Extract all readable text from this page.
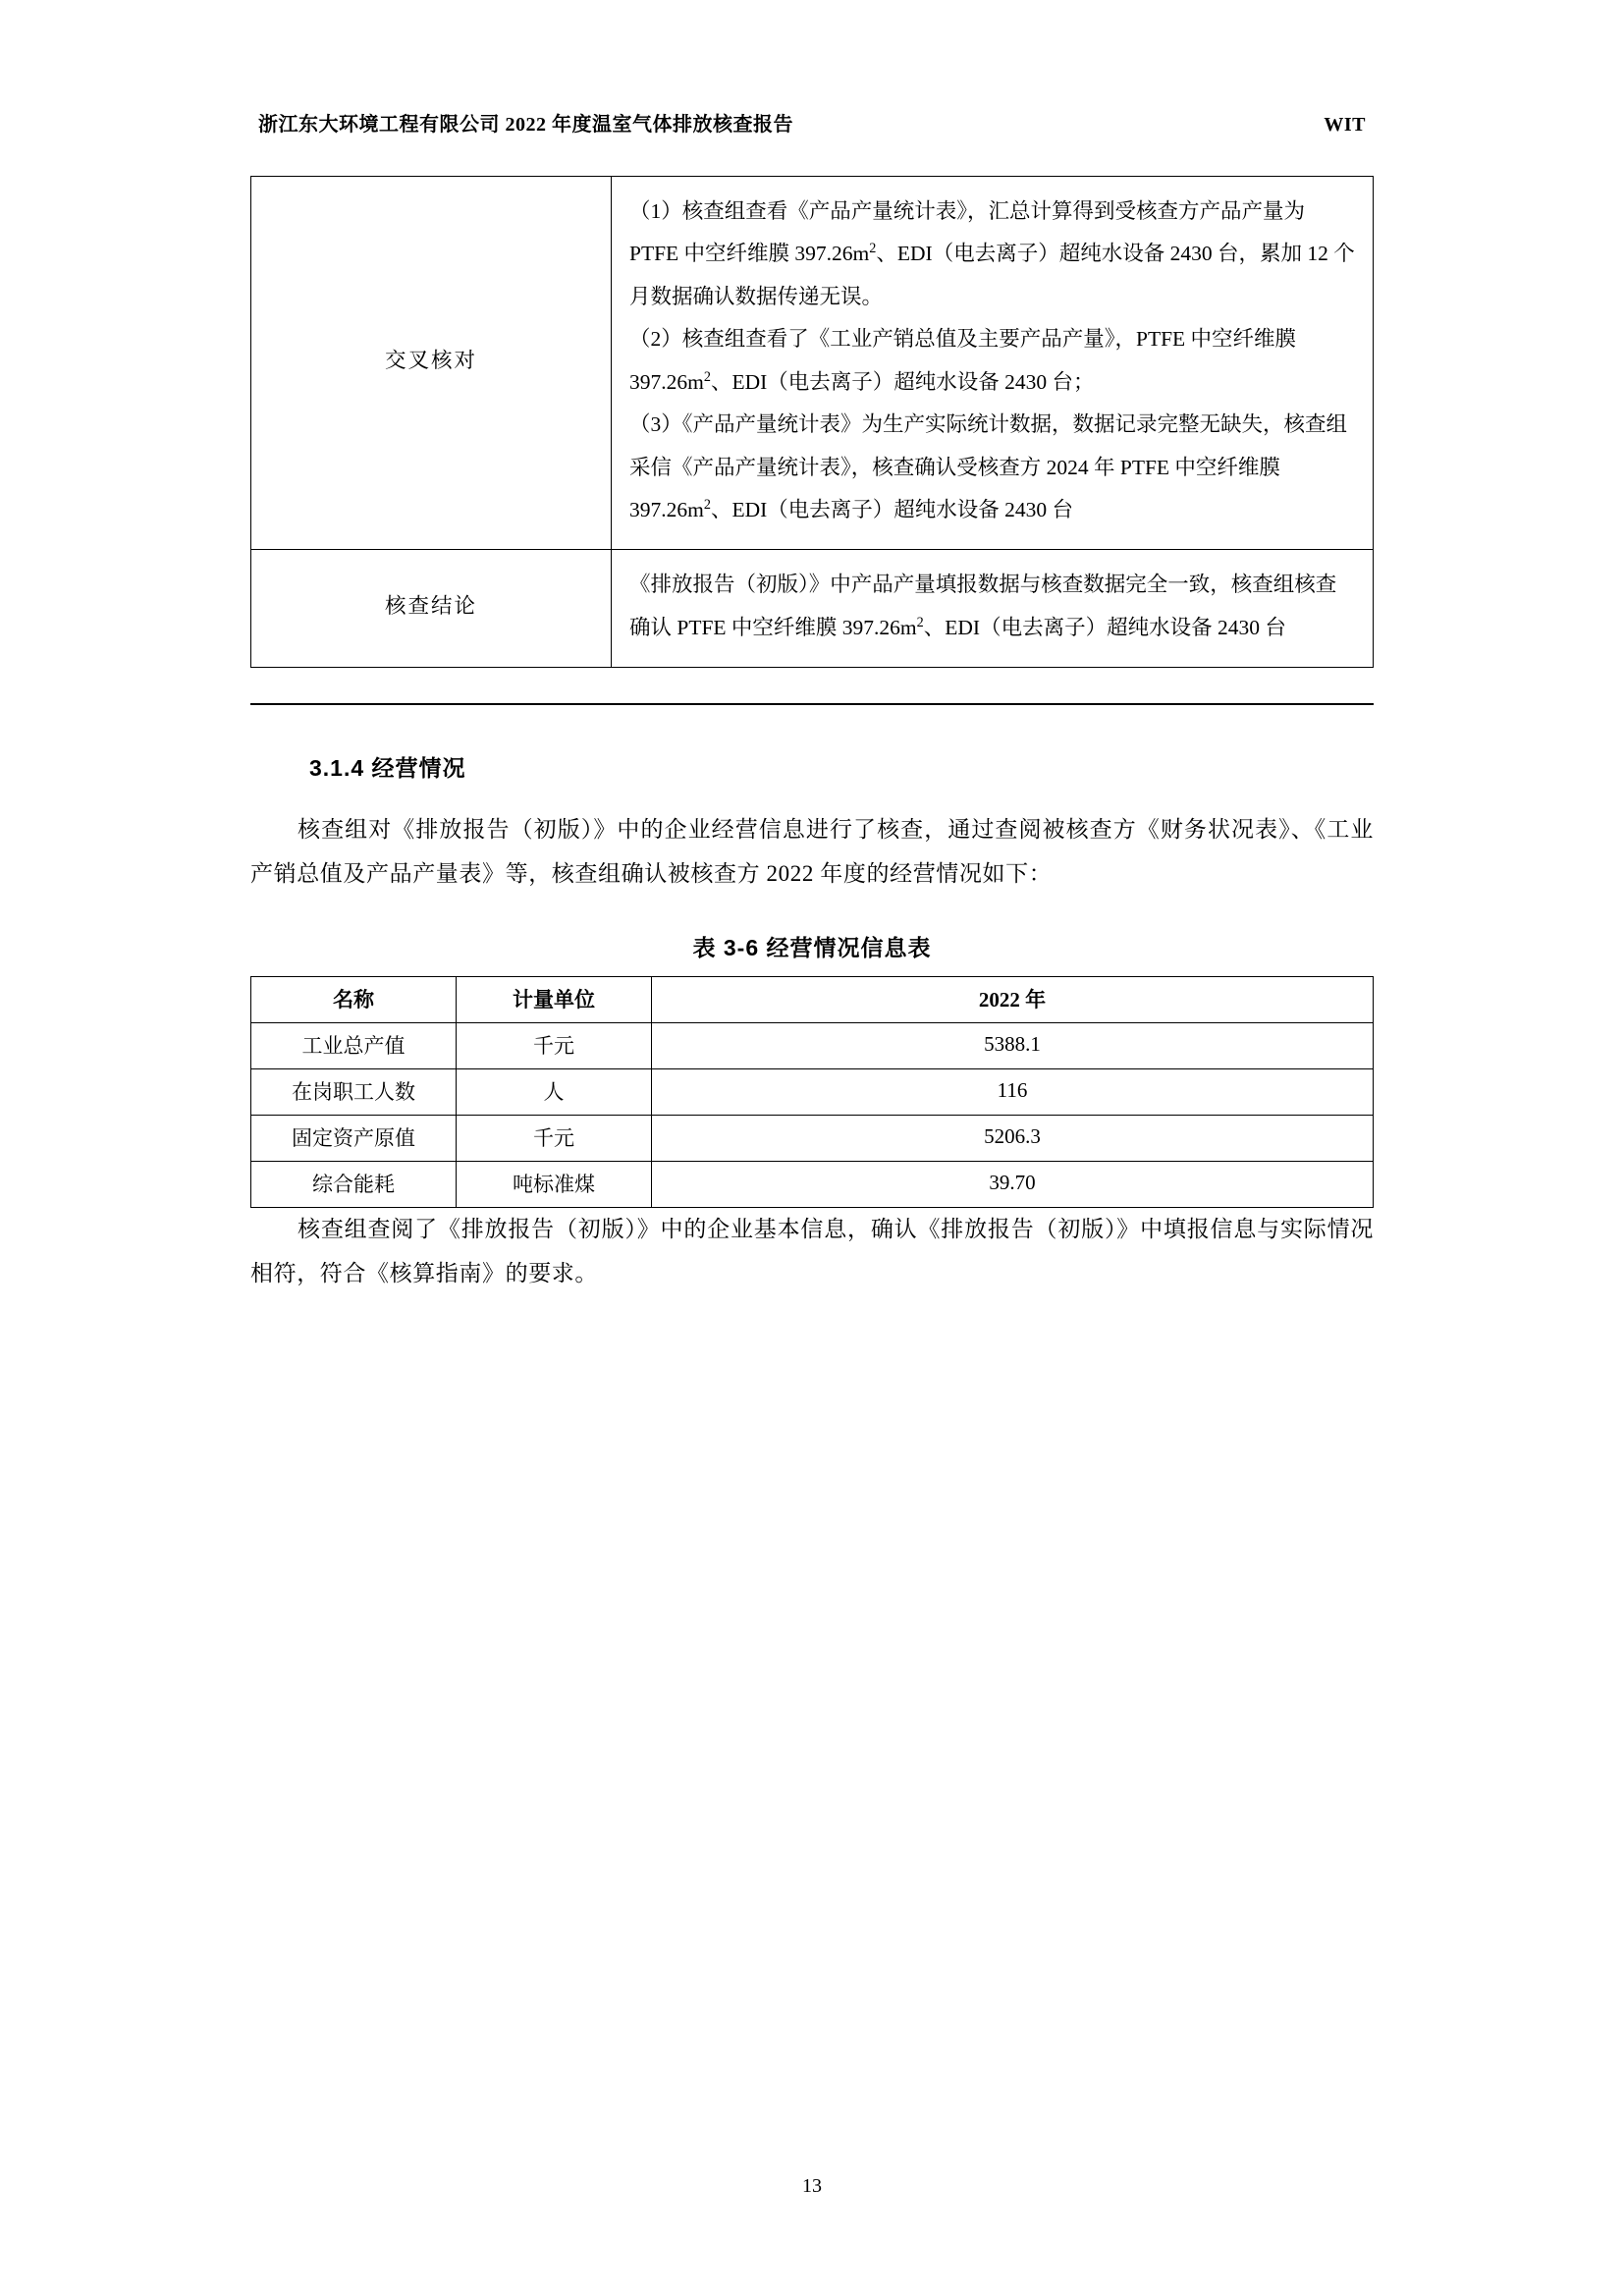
浙江东大环境工程有限公司 2022 年度温室气体排放核查报告	WIT
交叉核对	（1）核查组查看《产品产量统计表》，汇总计算得到受核查方产品产量为 PTFE 中空纤维膜 $397.26m^2$、EDI（电去离子）超纯水设备 2430 台，累加 12 个月数据确认数据传递无误。

（2）核查组查看了《工业产销总值及主要产品产量》，PTFE 中空纤维膜 $397.26m^2$、EDI（电去离子）超纯水设备 2430 台；

（3）《产品产量统计表》为生产实际统计数据，数据记录完整无缺失，核查组采信《产品产量统计表》，核查确认受核查方 2024 年 PTFE 中空纤维膜 $397.26m^2$、EDI（电去离子）超纯水设备 2430 台

核查结论	《排放报告（初版）》中产品产量填报数据与核查数据完全一致，核查组核查确认 PTFE 中空纤维膜 $397.26m^2$、EDI（电去离子）超纯水设备 2430 台

3.1.4 经营情况

核查组对《排放报告（初版）》中的企业经营信息进行了核查，通过查阅被核查方《财务状况表》、《工业产销总值及产品产量表》等，核查组确认被核查方 2022 年度的经营情况如下：

表 3-6 经营情况信息表
名称	计量单位	2022 年
工业总产值	千元	5388.1
在岗职工人数	人	116
固定资产原值	千元	5206.3
综合能耗	吨标准煤	39.70

核查组查阅了《排放报告（初版）》中的企业基本信息，确认《排放报告（初版）》中填报信息与实际情况相符，符合《核算指南》的要求。

13
